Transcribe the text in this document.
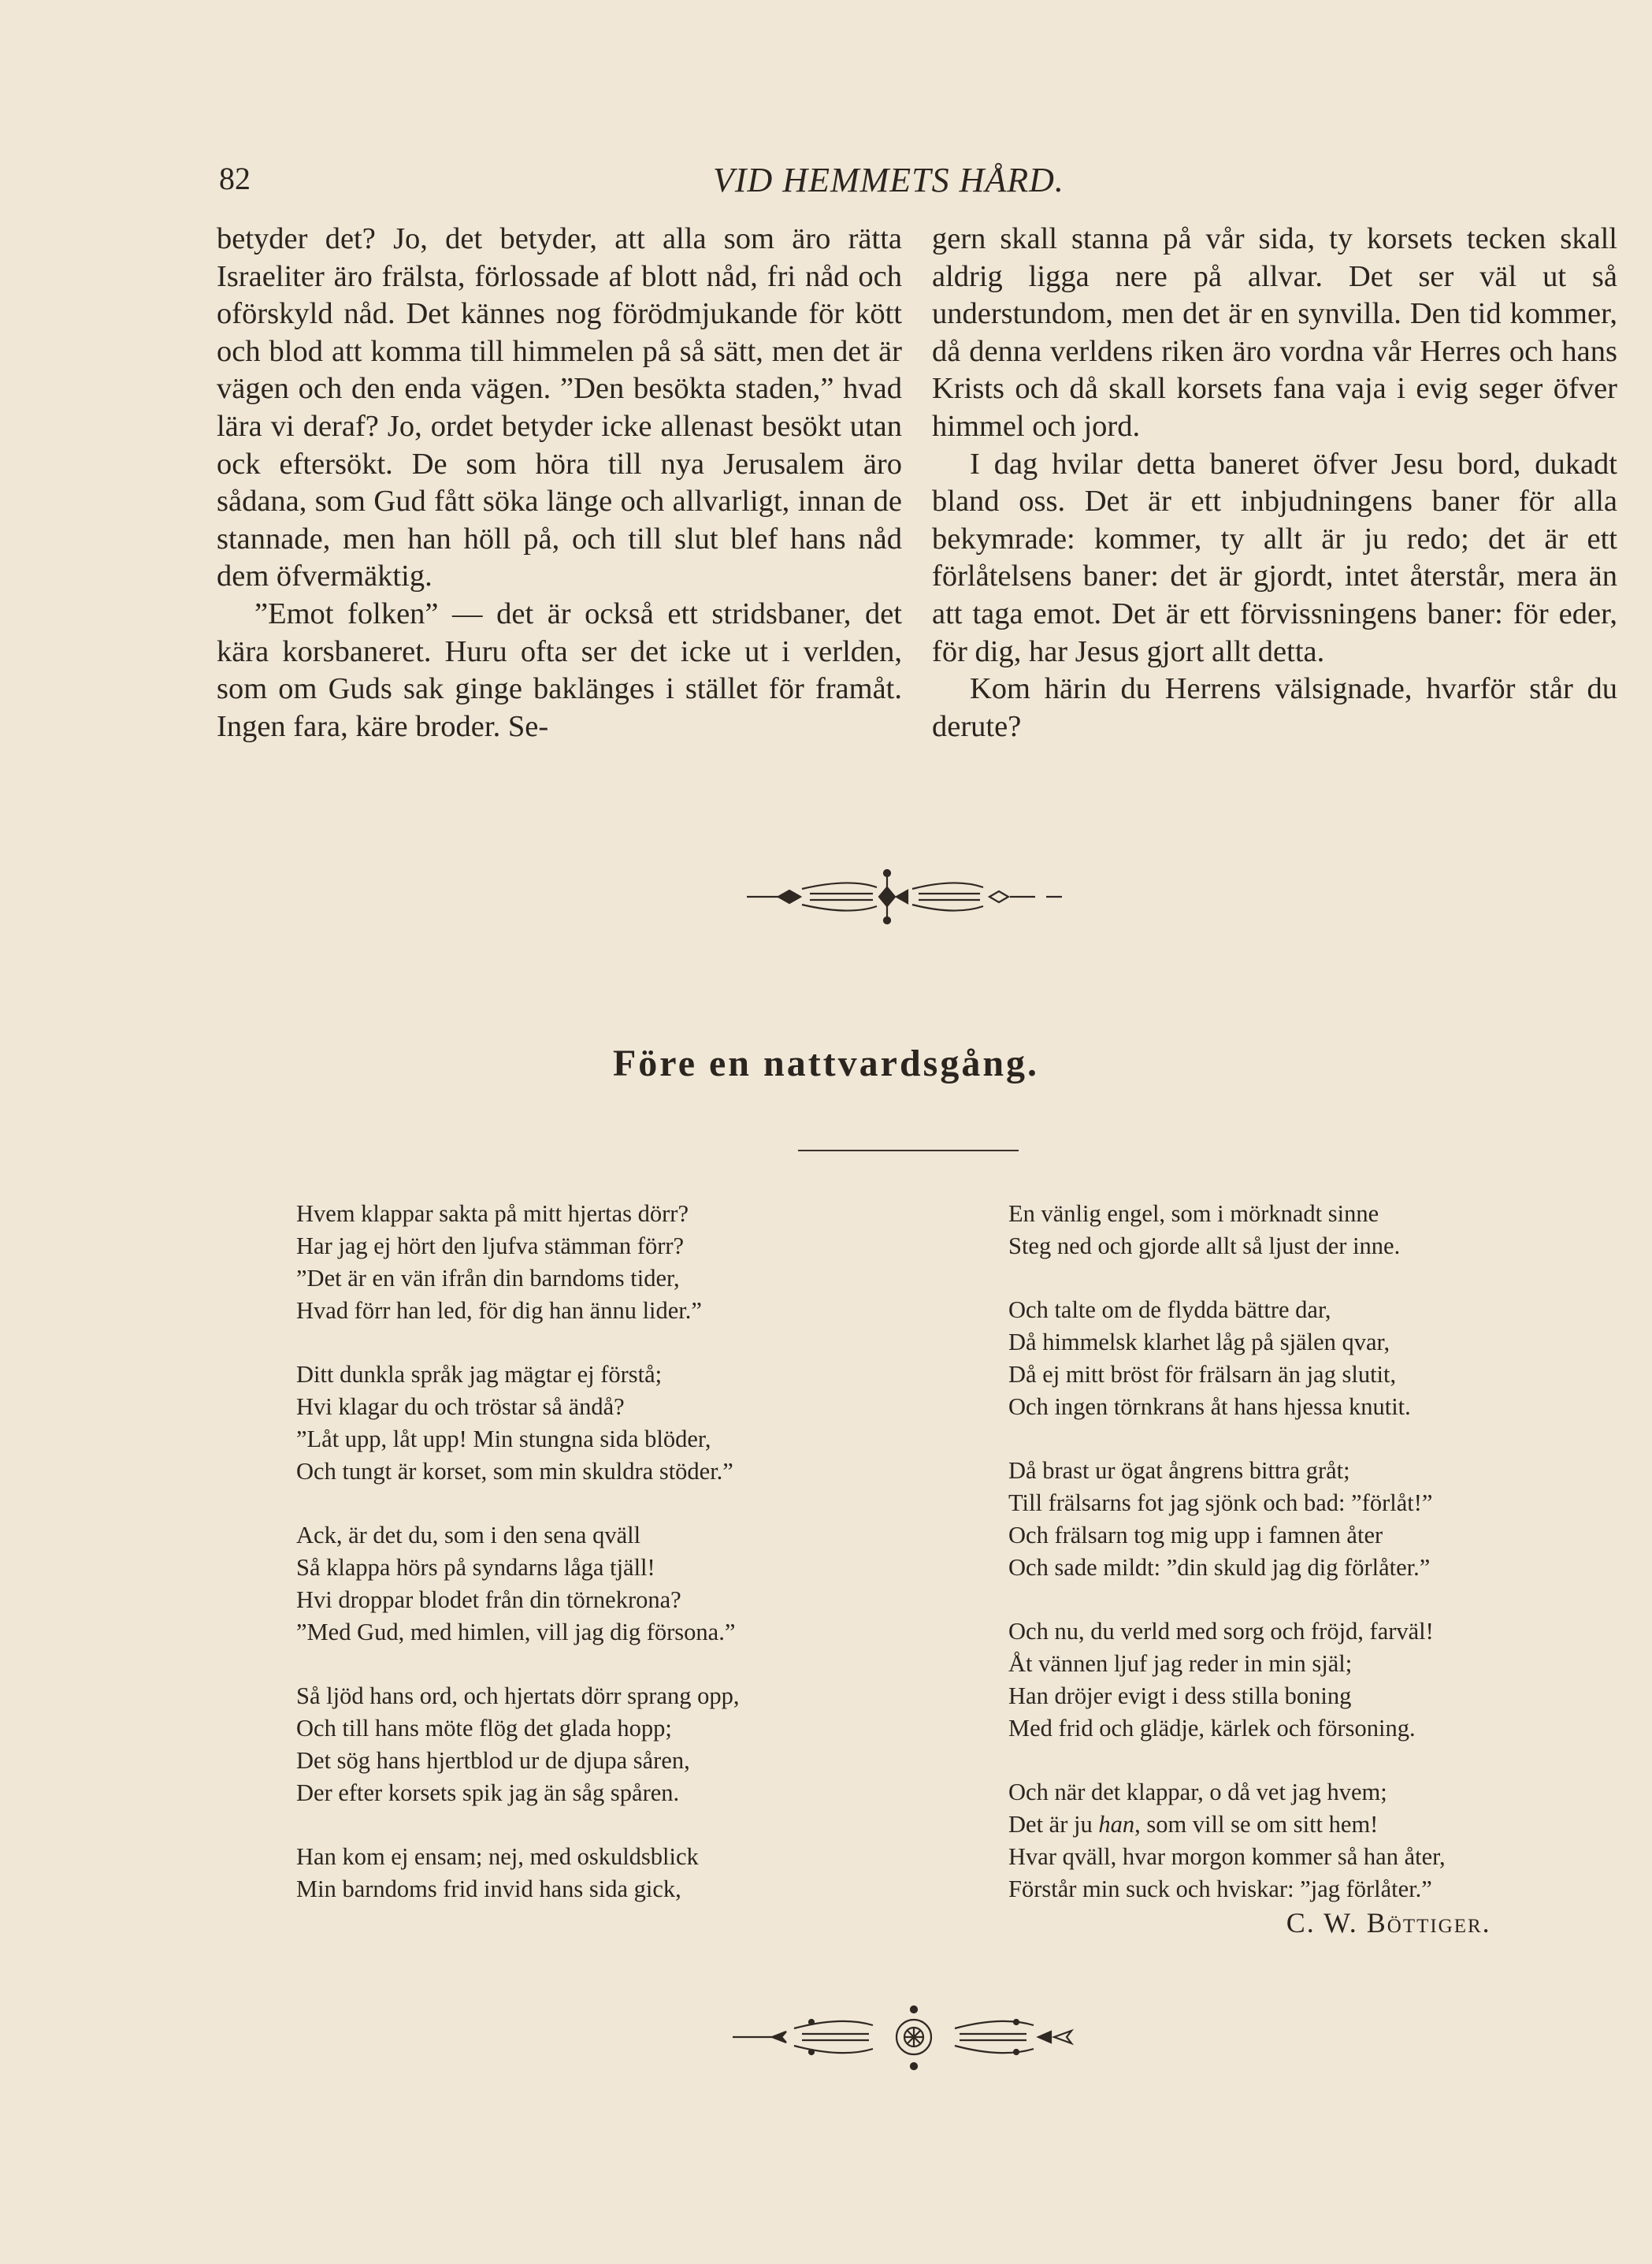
82	VID HEMMETS HÅRD.

betyder det? Jo, det betyder, att alla som äro rätta Israeliter äro frälsta, förlossade af blott nåd, fri nåd och oförskyld nåd. Det kännes nog förödmjukande för kött och blod att komma till himmelen på så sätt, men det är vägen och den enda vägen. ”Den besökta staden,” hvad lära vi deraf? Jo, ordet betyder icke allenast besökt utan ock eftersökt. De som höra till nya Jerusalem äro sådana, som Gud fått söka länge och allvarligt, innan de stannade, men han höll på, och till slut blef hans nåd dem öfvermäktig.

”Emot folken” — det är också ett stridsbaner, det kära korsbaneret. Huru ofta ser det icke ut i verlden, som om Guds sak ginge baklänges i stället för framåt. Ingen fara, käre broder. Se-

gern skall stanna på vår sida, ty korsets tecken skall aldrig ligga nere på allvar. Det ser väl ut så understundom, men det är en synvilla. Den tid kommer, då denna verldens riken äro vordna vår Herres och hans Krists och då skall korsets fana vaja i evig seger öfver himmel och jord.

I dag hvilar detta baneret öfver Jesu bord, dukadt bland oss. Det är ett inbjudningens baner för alla bekymrade: kommer, ty allt är ju redo; det är ett förlåtelsens baner: det är gjordt, intet återstår, mera än att taga emot. Det är ett förvissningens baner: för eder, för dig, har Jesus gjort allt detta.

Kom härin du Herrens välsignade, hvarför står du derute?

Före en nattvardsgång.
Hvem klappar sakta på mitt hjertas dörr?
Har jag ej hört den ljufva stämman förr?
”Det är en vän ifrån din barndoms tider,
Hvad förr han led, för dig han ännu lider.”
Ditt dunkla språk jag mägtar ej förstå;
Hvi klagar du och tröstar så ändå?
”Låt upp, låt upp! Min stungna sida blöder,
Och tungt är korset, som min skuldra stöder.”
Ack, är det du, som i den sena qväll
Så klappa hörs på syndarns låga tjäll!
Hvi droppar blodet från din törnekrona?
”Med Gud, med himlen, vill jag dig försona.”
Så ljöd hans ord, och hjertats dörr sprang opp,
Och till hans möte flög det glada hopp;
Det sög hans hjertblod ur de djupa såren,
Der efter korsets spik jag än såg spåren.
Han kom ej ensam; nej, med oskuldsblick
Min barndoms frid invid hans sida gick,
En vänlig engel, som i mörknadt sinne
Steg ned och gjorde allt så ljust der inne.
Och talte om de flydda bättre dar,
Då himmelsk klarhet låg på själen qvar,
Då ej mitt bröst för frälsarn än jag slutit,
Och ingen törnkrans åt hans hjessa knutit.
Då brast ur ögat ångrens bittra gråt;
Till frälsarns fot jag sjönk och bad: ”förlåt!”
Och frälsarn tog mig upp i famnen åter
Och sade mildt: ”din skuld jag dig förlåter.”
Och nu, du verld med sorg och fröjd, farväl!
Åt vännen ljuf jag reder in min själ;
Han dröjer evigt i dess stilla boning
Med frid och glädje, kärlek och försoning.
Och när det klappar, o då vet jag hvem;
Det är ju han, som vill se om sitt hem!
Hvar qväll, hvar morgon kommer så han åter,
Förstår min suck och hviskar: ”jag förlåter.”
C. W. Böttiger.
